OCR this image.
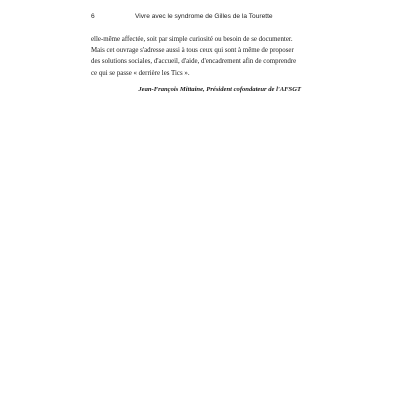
6	Vivre avec le syndrome de Gilles de la Tourette
elle-même affectée, soit par simple curiosité ou besoin de se documenter.
Mais cet ouvrage s'adresse aussi à tous ceux qui sont à même de proposer
des solutions sociales, d'accueil, d'aide, d'encadrement afin de comprendre
ce qui se passe « derrière les Tics ».
Jean-François Mittaine, Président cofondateur de l'AFSGT
